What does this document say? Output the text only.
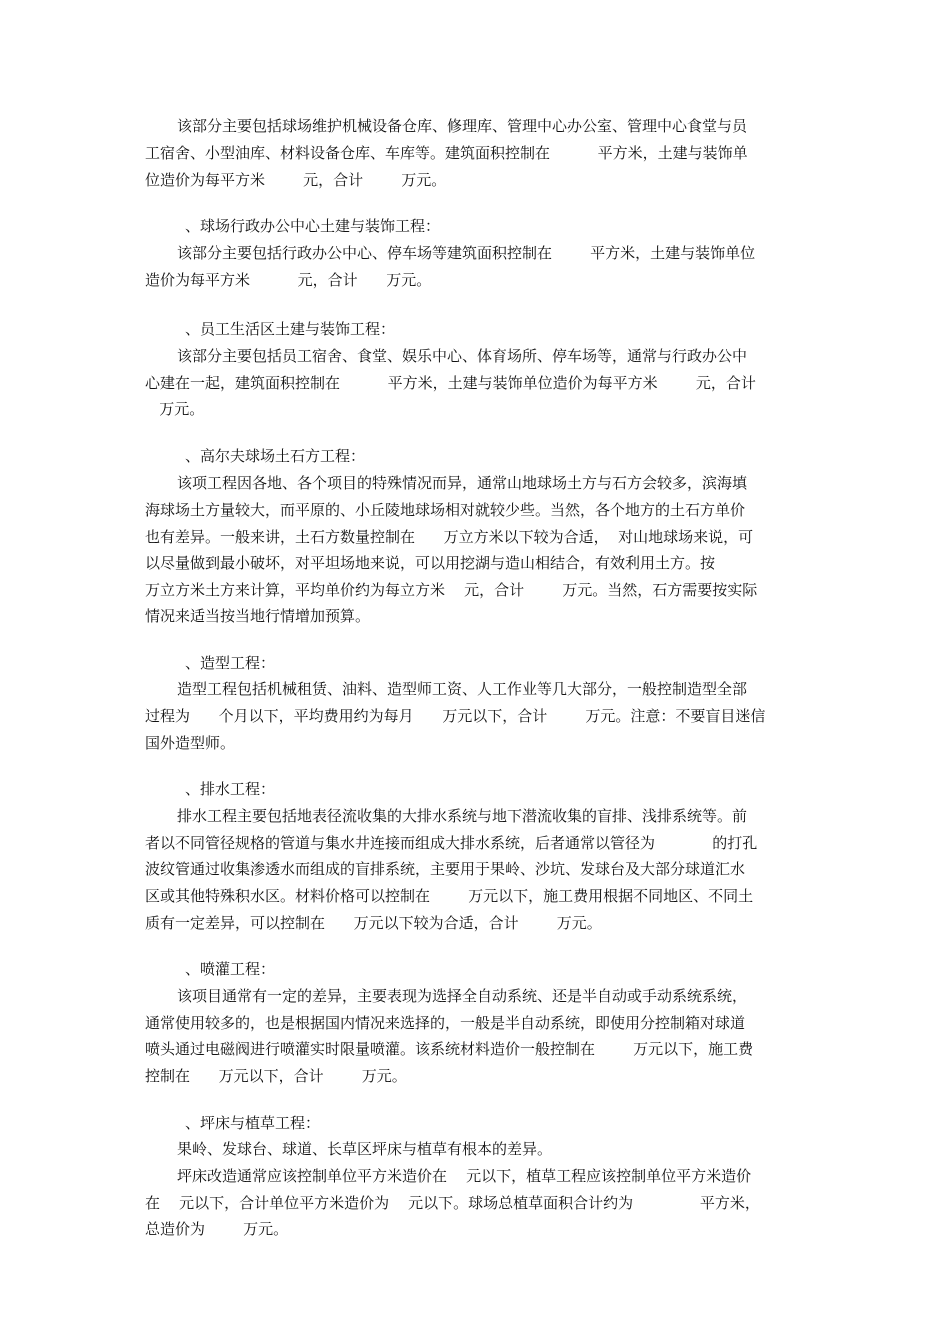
该部分主要包括球场维护机械设备仓库、修理库、管理中心办公室、管理中心食堂与员
工宿舍、小型油库、材料设备仓库、车库等。建筑面积控制在          平方米，土建与装饰单
位造价为每平方米        元，合计        万元。
、球场行政办公中心土建与装饰工程：
该部分主要包括行政办公中心、停车场等建筑面积控制在        平方米，土建与装饰单位
造价为每平方米          元，合计      万元。
、员工生活区土建与装饰工程：
该部分主要包括员工宿舍、食堂、娱乐中心、体育场所、停车场等，通常与行政办公中
心建在一起，建筑面积控制在          平方米，土建与装饰单位造价为每平方米        元，合计
万元。
、高尔夫球场土石方工程：
该项工程因各地、各个项目的特殊情况而异，通常山地球场土方与石方会较多，滨海填
海球场土方量较大，而平原的、小丘陵地球场相对就较少些。当然，各个地方的土石方单价
也有差异。一般来讲，土石方数量控制在      万立方米以下较为合适，  对山地球场来说，可
以尽量做到最小破坏，对平坦场地来说，可以用挖湖与造山相结合，有效利用土方。按
万立方米土方来计算，平均单价约为每立方米    元，合计        万元。当然，石方需要按实际
情况来适当按当地行情增加预算。
、造型工程：
造型工程包括机械租赁、油料、造型师工资、人工作业等几大部分，一般控制造型全部
过程为      个月以下，平均费用约为每月      万元以下，合计        万元。注意：不要盲目迷信
国外造型师。
、排水工程：
排水工程主要包括地表径流收集的大排水系统与地下潜流收集的盲排、浅排系统等。前
者以不同管径规格的管道与集水井连接而组成大排水系统，后者通常以管径为            的打孔
波纹管通过收集渗透水而组成的盲排系统，主要用于果岭、沙坑、发球台及大部分球道汇水
区或其他特殊积水区。材料价格可以控制在        万元以下，施工费用根据不同地区、不同土
质有一定差异，可以控制在      万元以下较为合适，合计        万元。
、喷灌工程：
该项目通常有一定的差异，主要表现为选择全自动系统、还是半自动或手动系统系统，
通常使用较多的，也是根据国内情况来选择的，一般是半自动系统，即使用分控制箱对球道
喷头通过电磁阀进行喷灌实时限量喷灌。该系统材料造价一般控制在        万元以下，施工费
控制在      万元以下，合计        万元。
、坪床与植草工程：
果岭、发球台、球道、长草区坪床与植草有根本的差异。
坪床改造通常应该控制单位平方米造价在    元以下，植草工程应该控制单位平方米造价
在    元以下，合计单位平方米造价为    元以下。球场总植草面积合计约为              平方米，
总造价为        万元。
